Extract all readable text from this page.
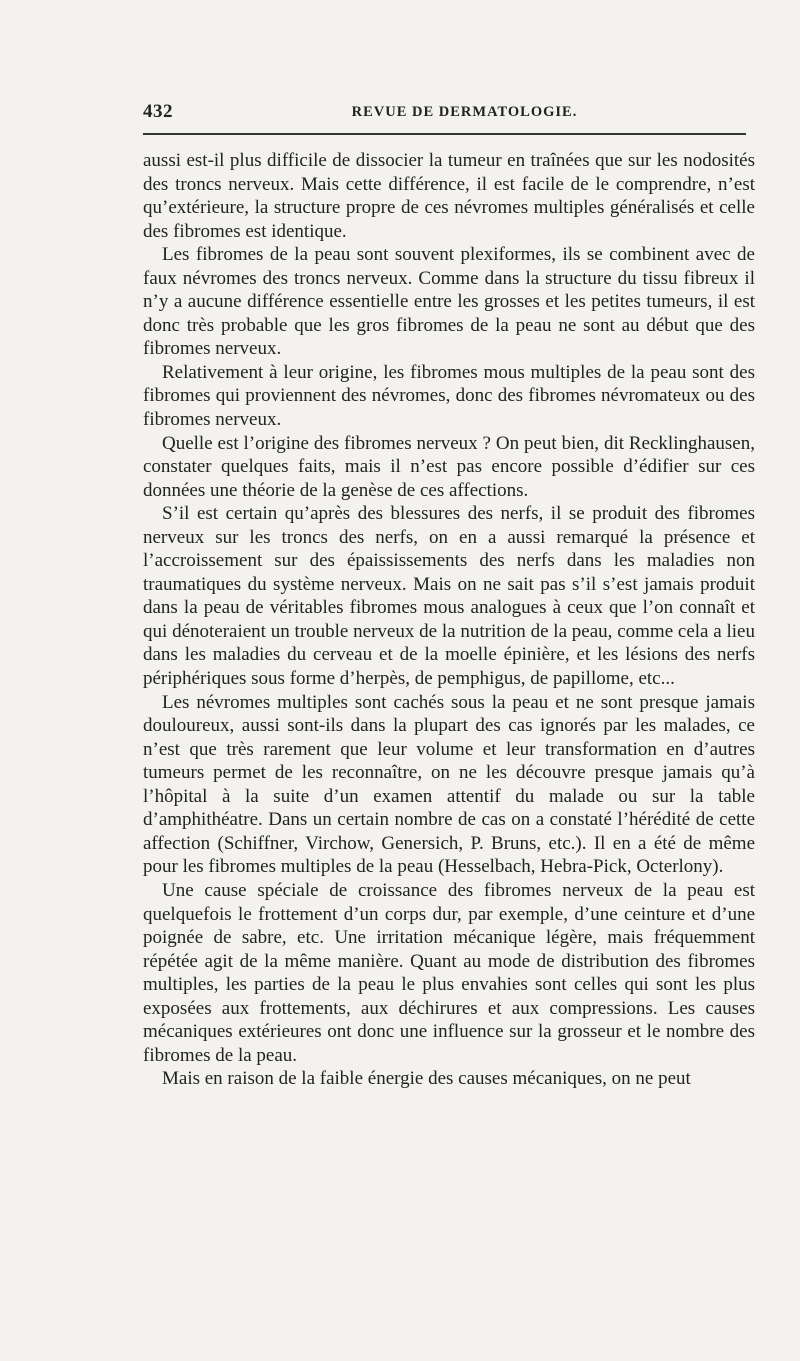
432	REVUE DE DERMATOLOGIE.

aussi est-il plus difficile de dissocier la tumeur en traînées que sur les nodosités des troncs nerveux. Mais cette différence, il est facile de le comprendre, n’est qu’extérieure, la structure propre de ces névromes multiples généralisés et celle des fibromes est identique.

Les fibromes de la peau sont souvent plexiformes, ils se combinent avec de faux névromes des troncs nerveux. Comme dans la structure du tissu fibreux il n’y a aucune différence essentielle entre les grosses et les petites tumeurs, il est donc très probable que les gros fibromes de la peau ne sont au début que des fibromes nerveux.

Relativement à leur origine, les fibromes mous multiples de la peau sont des fibromes qui proviennent des névromes, donc des fibromes névromateux ou des fibromes nerveux.

Quelle est l’origine des fibromes nerveux ? On peut bien, dit Recklinghausen, constater quelques faits, mais il n’est pas encore possible d’édifier sur ces données une théorie de la genèse de ces affections.

S’il est certain qu’après des blessures des nerfs, il se produit des fibromes nerveux sur les troncs des nerfs, on en a aussi remarqué la présence et l’accroissement sur des épaississements des nerfs dans les maladies non traumatiques du système nerveux. Mais on ne sait pas s’il s’est jamais produit dans la peau de véritables fibromes mous analogues à ceux que l’on connaît et qui dénoteraient un trouble nerveux de la nutrition de la peau, comme cela a lieu dans les maladies du cerveau et de la moelle épinière, et les lésions des nerfs périphériques sous forme d’herpès, de pemphigus, de papillome, etc...

Les névromes multiples sont cachés sous la peau et ne sont presque jamais douloureux, aussi sont-ils dans la plupart des cas ignorés par les malades, ce n’est que très rarement que leur volume et leur transformation en d’autres tumeurs permet de les reconnaître, on ne les découvre presque jamais qu’à l’hôpital à la suite d’un examen attentif du malade ou sur la table d’amphithéatre. Dans un certain nombre de cas on a constaté l’hérédité de cette affection (Schiffner, Virchow, Genersich, P. Bruns, etc.). Il en a été de même pour les fibromes multiples de la peau (Hesselbach, Hebra-Pick, Octerlony).

Une cause spéciale de croissance des fibromes nerveux de la peau est quelquefois le frottement d’un corps dur, par exemple, d’une ceinture et d’une poignée de sabre, etc. Une irritation mécanique légère, mais fréquemment répétée agit de la même manière. Quant au mode de distribution des fibromes multiples, les parties de la peau le plus envahies sont celles qui sont les plus exposées aux frottements, aux déchirures et aux compressions. Les causes mécaniques extérieures ont donc une influence sur la grosseur et le nombre des fibromes de la peau.

Mais en raison de la faible énergie des causes mécaniques, on ne peut
